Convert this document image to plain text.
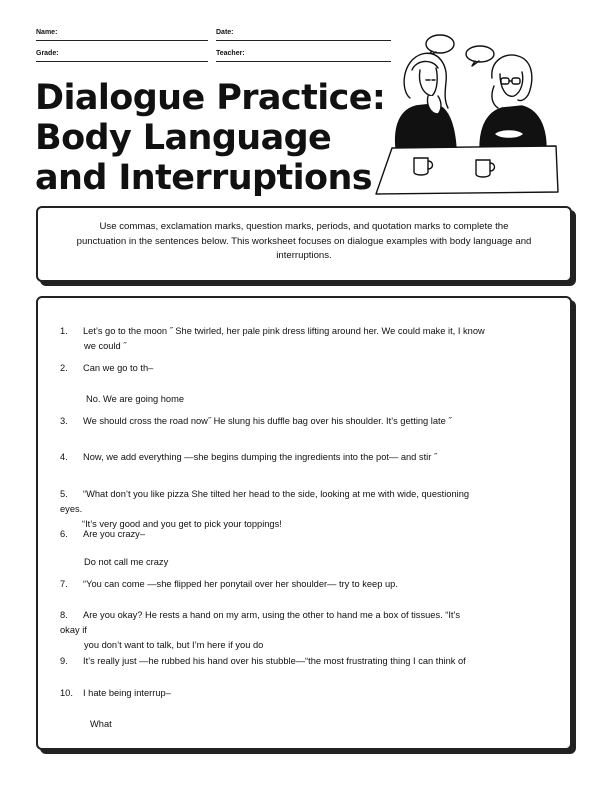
Name:	Date:
Grade:	Teacher:
Dialogue Practice:
Body Language
and Interruptions

Use commas, exclamation marks, question marks, periods, and quotation marks to complete the punctuation in the sentences below. This worksheet focuses on dialogue examples with body language and interruptions.

1. Let’s go to the moon ˝ She twirled, her pale pink dress lifting around her. We could make it, I know
we could ˝
2. Can we go to th–
No. We are going home
3. We should cross the road now˝ He slung his duffle bag over his shoulder. It’s getting late ˝
4. Now, we add everything —she begins dumping the ingredients into the pot— and stir ˝
5. “What don’t you like pizza She tilted her head to the side, looking at me with wide, questioning
eyes.
“It’s very good and you get to pick your toppings!
6. Are you crazy–
Do not call me crazy
7. “You can come —she flipped her ponytail over her shoulder— try to keep up.
8. Are you okay? He rests a hand on my arm, using the other to hand me a box of tissues. “It’s
okay if
you don’t want to talk, but I’m here if you do
9. It’s really just —he rubbed his hand over his stubble—“the most frustrating thing I can think of
10. I hate being interrup–
What
